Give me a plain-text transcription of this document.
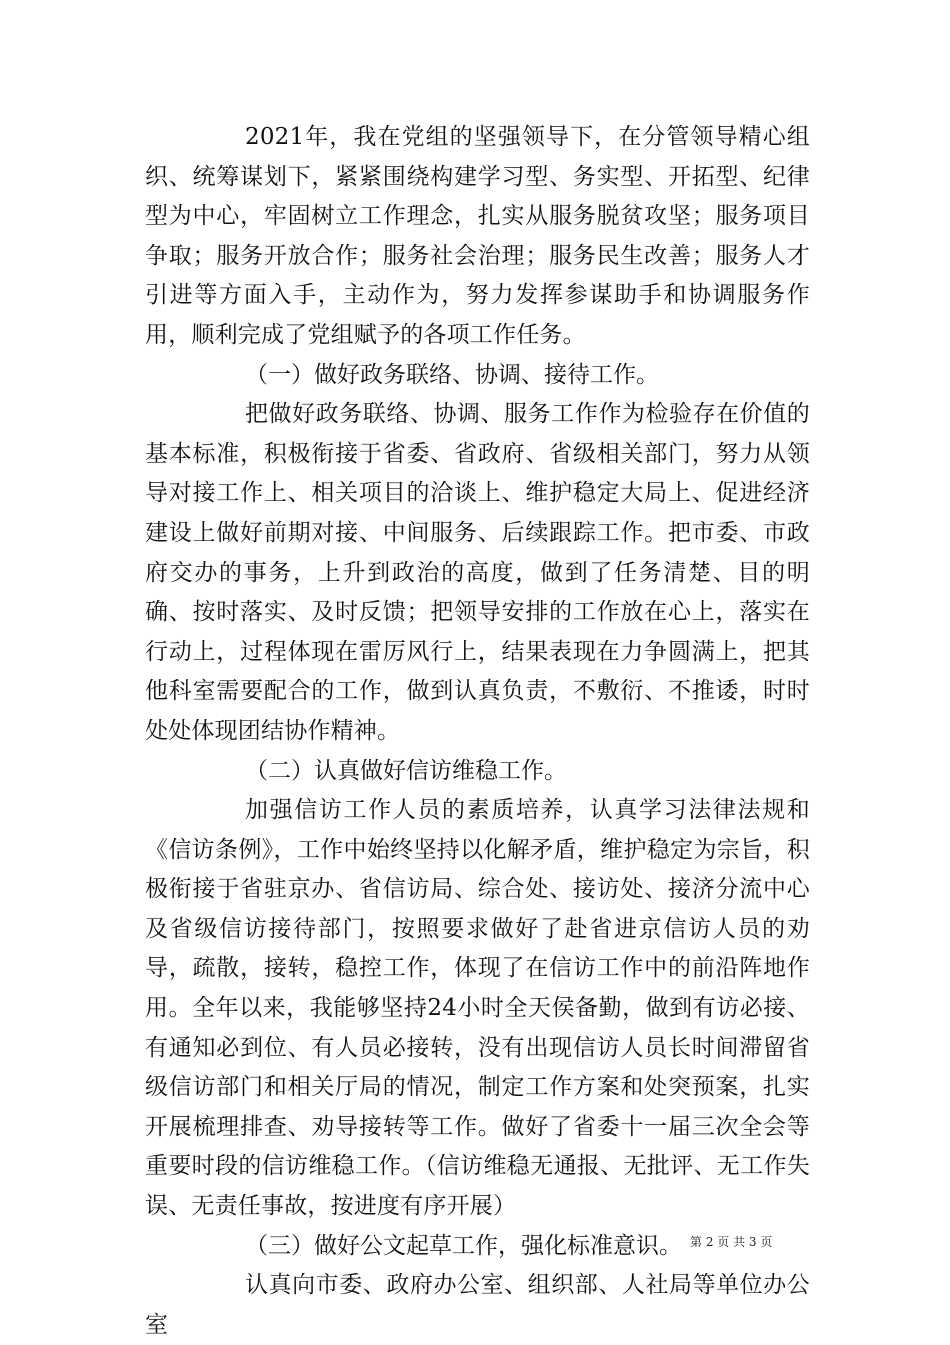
2021年，我在党组的坚强领导下，在分管领导精心组织、统筹谋划下，紧紧围绕构建学习型、务实型、开拓型、纪律型为中心，牢固树立工作理念，扎实从服务脱贫攻坚；服务项目争取；服务开放合作；服务社会治理；服务民生改善；服务人才引进等方面入手，主动作为，努力发挥参谋助手和协调服务作用，顺利完成了党组赋予的各项工作任务。

（一）做好政务联络、协调、接待工作。

把做好政务联络、协调、服务工作作为检验存在价值的基本标准，积极衔接于省委、省政府、省级相关部门，努力从领导对接工作上、相关项目的洽谈上、维护稳定大局上、促进经济建设上做好前期对接、中间服务、后续跟踪工作。把市委、市政府交办的事务，上升到政治的高度，做到了任务清楚、目的明确、按时落实、及时反馈；把领导安排的工作放在心上，落实在行动上，过程体现在雷厉风行上，结果表现在力争圆满上，把其他科室需要配合的工作，做到认真负责，不敷衍、不推诿，时时处处体现团结协作精神。

（二）认真做好信访维稳工作。

加强信访工作人员的素质培养，认真学习法律法规和《信访条例》，工作中始终坚持以化解矛盾，维护稳定为宗旨，积极衔接于省驻京办、省信访局、综合处、接访处、接济分流中心及省级信访接待部门，按照要求做好了赴省进京信访人员的劝导，疏散，接转，稳控工作，体现了在信访工作中的前沿阵地作用。全年以来，我能够坚持24小时全天侯备勤，做到有访必接、有通知必到位、有人员必接转，没有出现信访人员长时间滞留省级信访部门和相关厅局的情况，制定工作方案和处突预案，扎实开展梳理排查、劝导接转等工作。做好了省委十一届三次全会等重要时段的信访维稳工作。（信访维稳无通报、无批评、无工作失误、无责任事故，按进度有序开展）

（三）做好公文起草工作，强化标准意识。

认真向市委、政府办公室、组织部、人社局等单位办公室

第 2 页 共 3 页
